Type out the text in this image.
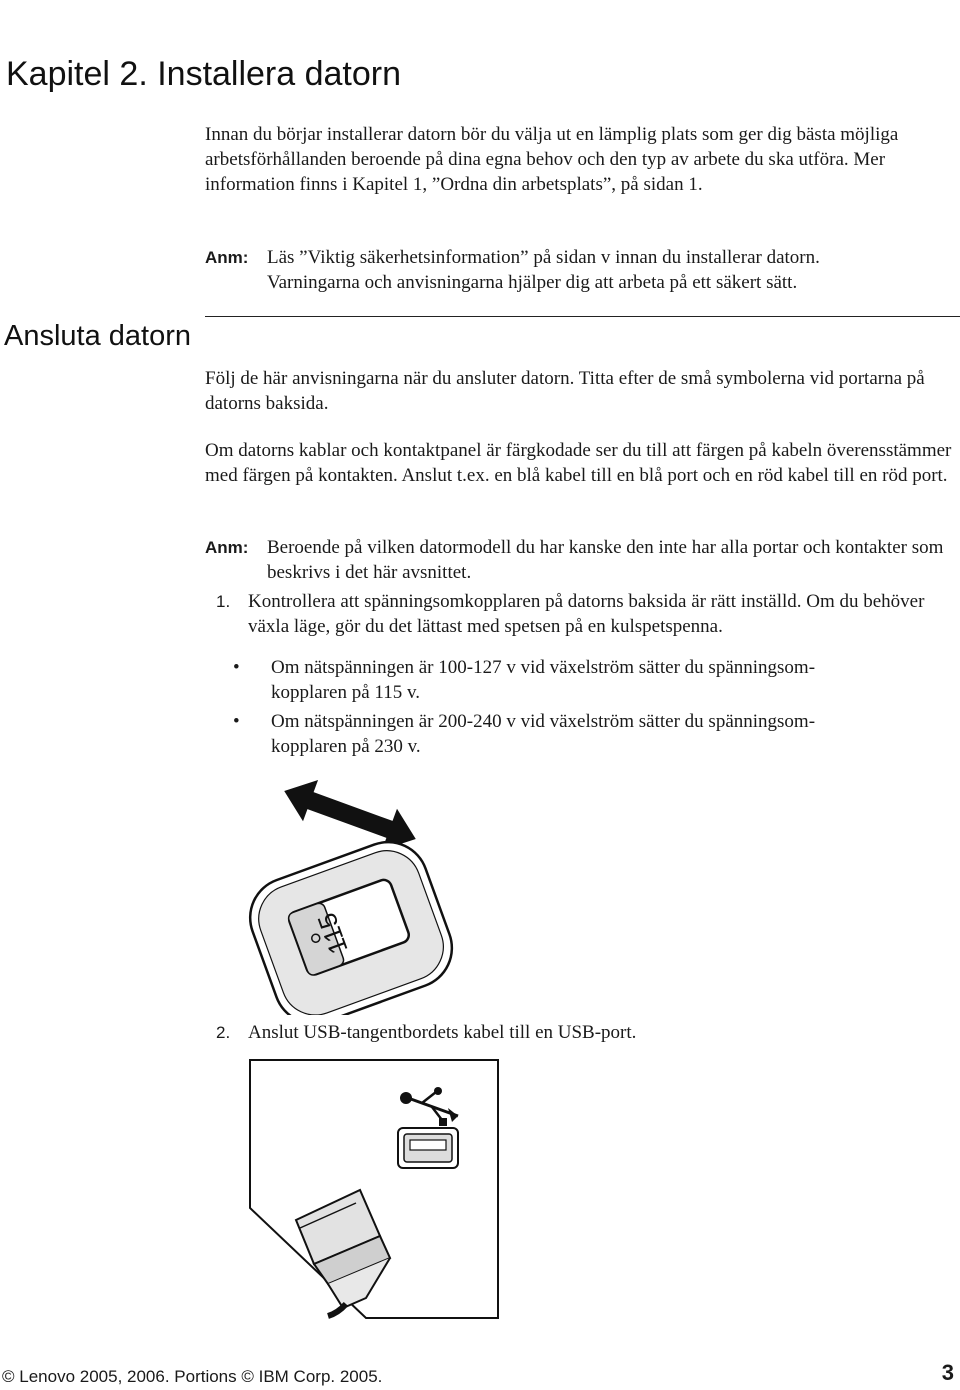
Kapitel 2. Installera datorn
Innan du börjar installerar datorn bör du välja ut en lämplig plats som ger dig bästa möjliga arbetsförhållanden beroende på dina egna behov och den typ av arbete du ska utföra. Mer information finns i Kapitel 1, ”Ordna din arbetsplats”, på sidan 1.
Anm: Läs ”Viktig säkerhetsinformation” på sidan v innan du installerar datorn.
Varningarna och anvisningarna hjälper dig att arbeta på ett säkert sätt.
Ansluta datorn
Följ de här anvisningarna när du ansluter datorn. Titta efter de små symbolerna vid portarna på datorns baksida.
Om datorns kablar och kontaktpanel är färgkodade ser du till att färgen på kabeln överensstämmer med färgen på kontakten. Anslut t.ex. en blå kabel till en blå port och en röd kabel till en röd port.
Anm: Beroende på vilken datormodell du har kanske den inte har alla portar och kontakter som beskrivs i det här avsnittet.
1. Kontrollera att spänningsomkopplaren på datorns baksida är rätt inställd. Om du behöver växla läge, gör du det lättast med spetsen på en kulspetspenna.
•	Om nätspänningen är 100-127 v vid växelström sätter du spänningsom-
kopplaren på 115 v.
•	Om nätspänningen är 200-240 v vid växelström sätter du spänningsom-
kopplaren på 230 v.
115
2. Anslut USB-tangentbordets kabel till en USB-port.
© Lenovo 2005, 2006. Portions © IBM Corp. 2005.	3
